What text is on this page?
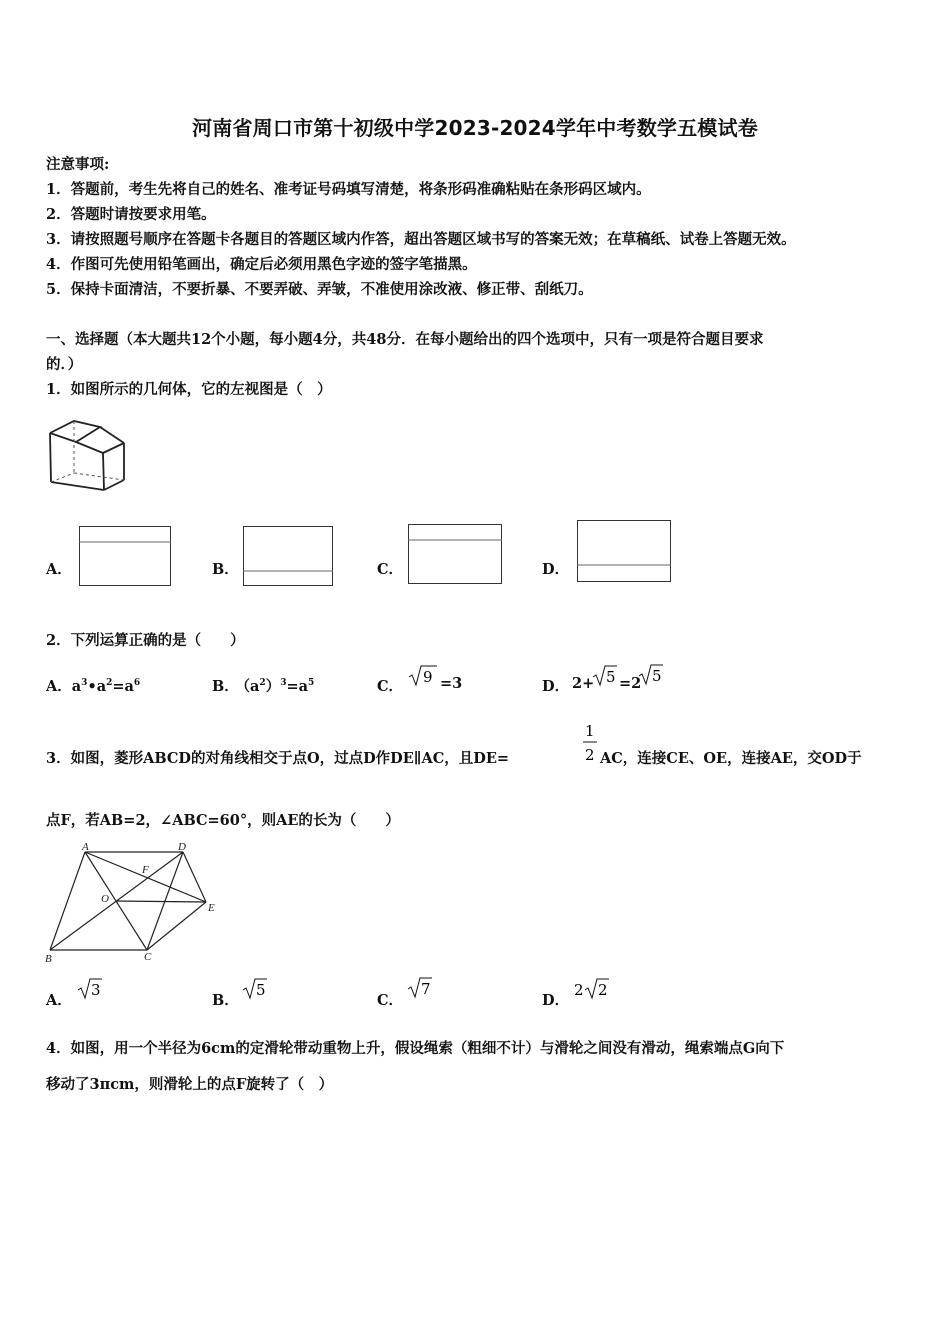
河南省周口市第十初级中学2023-2024学年中考数学五模试卷
注意事项:
1．答题前，考生先将自己的姓名、准考证号码填写清楚，将条形码准确粘贴在条形码区域内。
2．答题时请按要求用笔。
3．请按照题号顺序在答题卡各题目的答题区域内作答，超出答题区域书写的答案无效；在草稿纸、试卷上答题无效。
4．作图可先使用铅笔画出，确定后必须用黑色字迹的签字笔描黑。
5．保持卡面清洁，不要折暴、不要弄破、弄皱，不准使用涂改液、修正带、刮纸刀。
一、选择题（本大题共12个小题，每小题4分，共48分．在每小题给出的四个选项中，只有一项是符合题目要求
的．）
1．如图所示的几何体，它的左视图是（　）
A．	B．	C．	D．
2．下列运算正确的是（　　）
A．$a^3•a^2=a^6$	B． $(a^2)^3=a^5$	C．
9 =3	D． 2+ 5 =2 5
3．如图，菱形ABCD的对角线相交于点O，过点D作DE∥AC，且DE=
1
2 AC，连接CE、OE，连接AE，交OD于
点F，若AB=2，∠ABC=60°，则AE的长为（　　）
A	D
F
O
E
B	C
A．
3
B．
5
C．
7
D．
2 2
4．如图，用一个半径为6cm的定滑轮带动重物上升，假设绳索（粗细不计）与滑轮之间没有滑动，绳索端点G向下
移动了3πcm，则滑轮上的点F旋转了（　）
